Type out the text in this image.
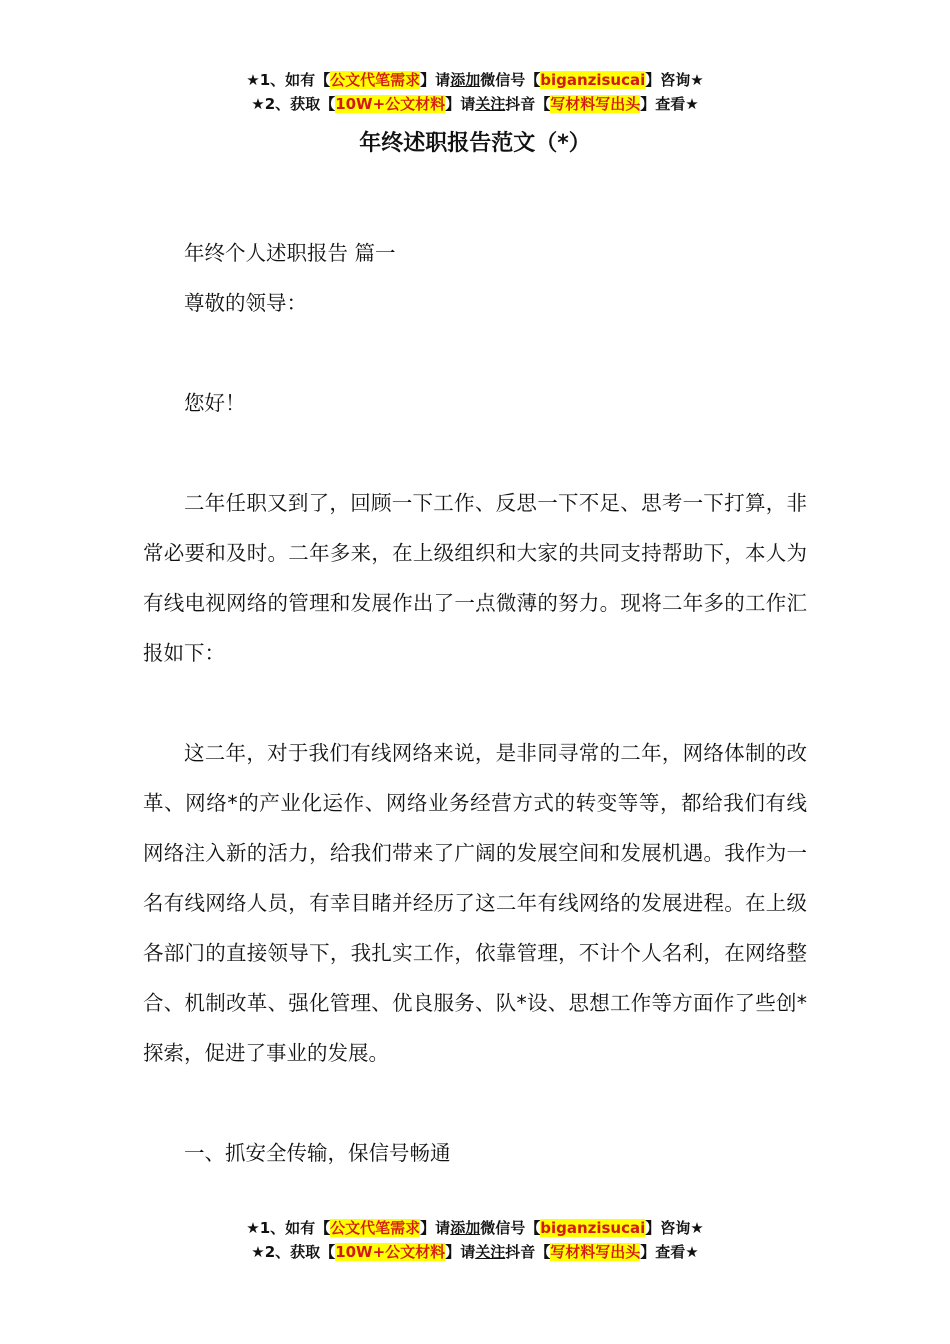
★1、如有【公文代笔需求】请添加微信号【biganzisucai】咨询★
★2、获取【10W+公文材料】请关注抖音【写材料写出头】查看★
年终述职报告范文（*）

年终个人述职报告 篇一

尊敬的领导：

您好！

二年任职又到了，回顾一下工作、反思一下不足、思考一下打算，非常必要和及时。二年多来，在上级组织和大家的共同支持帮助下，本人为有线电视网络的管理和发展作出了一点微薄的努力。现将二年多的工作汇报如下：

这二年，对于我们有线网络来说，是非同寻常的二年，网络体制的改革、网络*的产业化运作、网络业务经营方式的转变等等，都给我们有线网络注入新的活力，给我们带来了广阔的发展空间和发展机遇。我作为一名有线网络人员，有幸目睹并经历了这二年有线网络的发展进程。在上级各部门的直接领导下，我扎实工作，依靠管理，不计个人名利，在网络整合、机制改革、强化管理、优良服务、队*设、思想工作等方面作了些创*探索，促进了事业的发展。

一、抓安全传输，保信号畅通

★1、如有【公文代笔需求】请添加微信号【biganzisucai】咨询★
★2、获取【10W+公文材料】请关注抖音【写材料写出头】查看★
